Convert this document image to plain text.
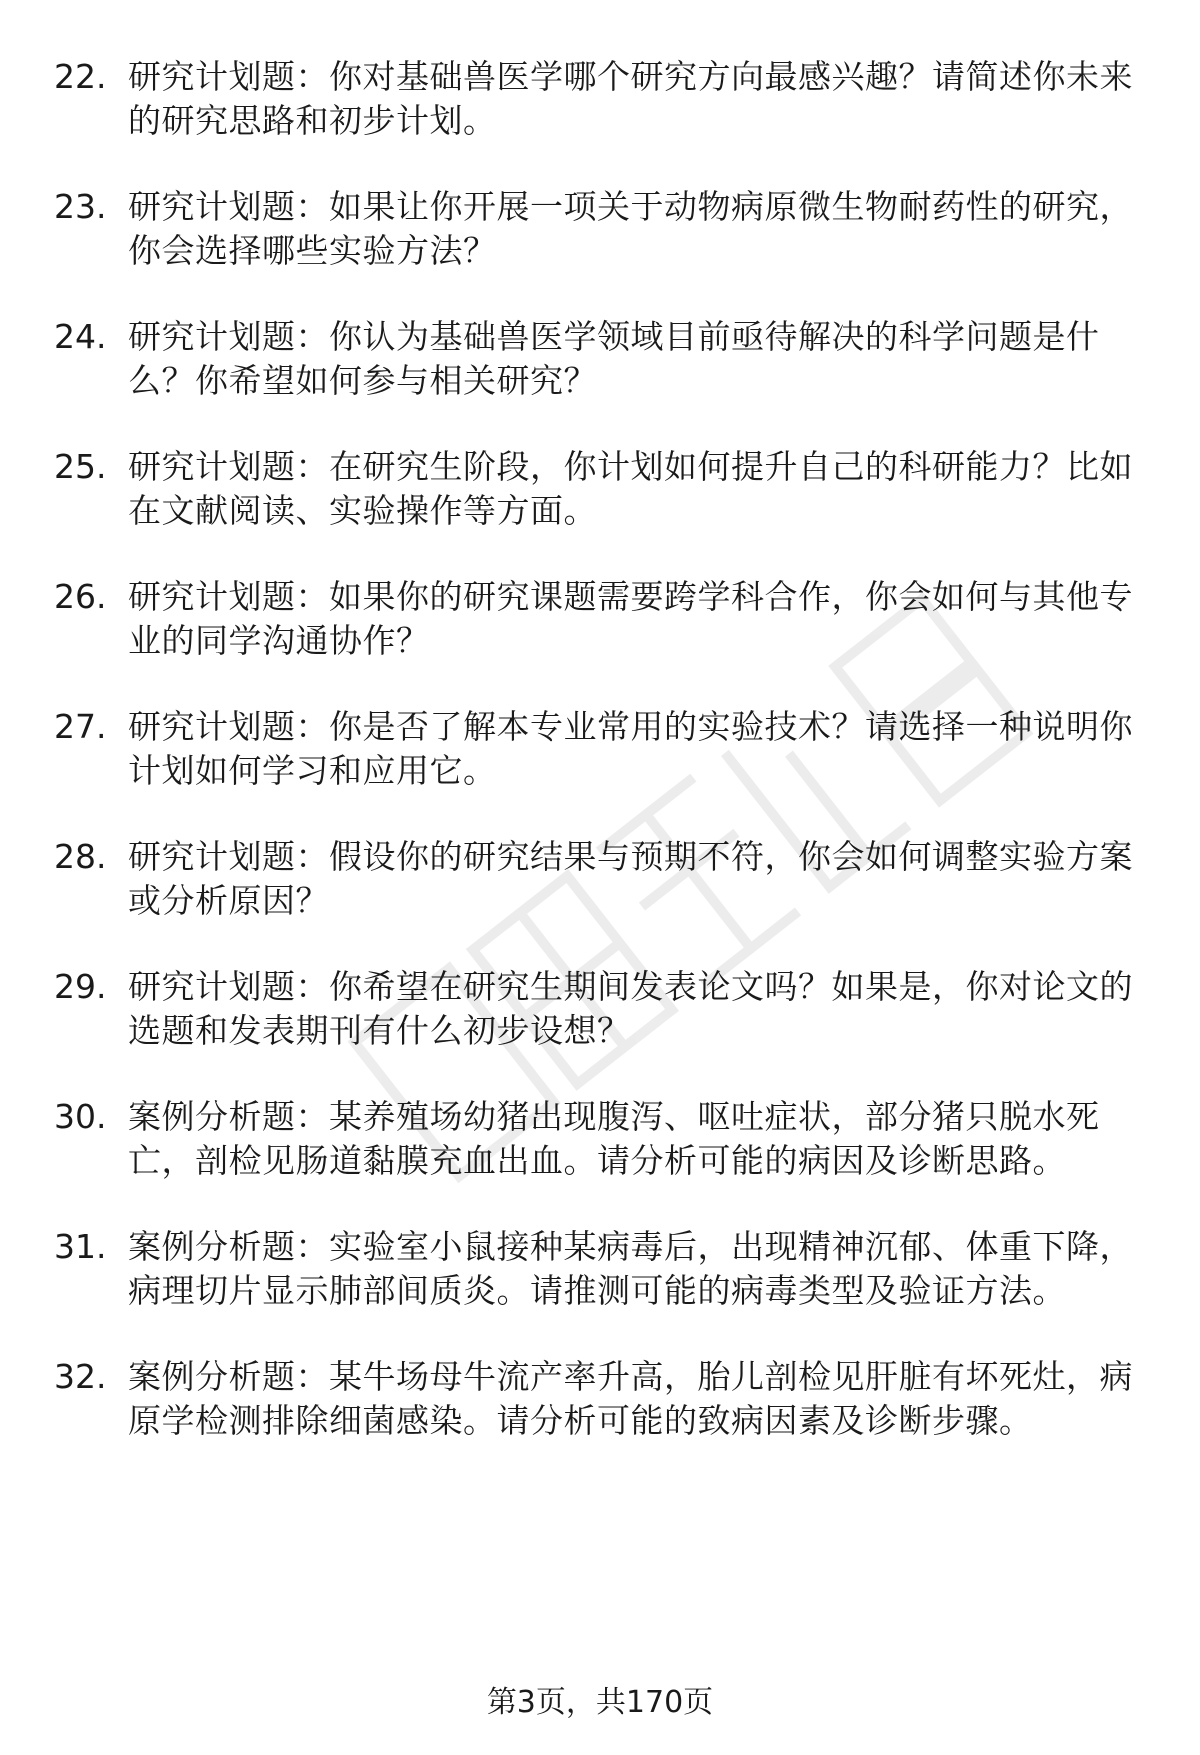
22. 研究计划题：你对基础兽医学哪个研究方向最感兴趣？请简述你未来的研究思路和初步计划。
23. 研究计划题：如果让你开展一项关于动物病原微生物耐药性的研究，你会选择哪些实验方法？
24. 研究计划题：你认为基础兽医学领域目前亟待解决的科学问题是什么？你希望如何参与相关研究？
25. 研究计划题：在研究生阶段，你计划如何提升自己的科研能力？比如在文献阅读、实验操作等方面。
26. 研究计划题：如果你的研究课题需要跨学科合作，你会如何与其他专业的同学沟通协作？
27. 研究计划题：你是否了解本专业常用的实验技术？请选择一种说明你计划如何学习和应用它。
28. 研究计划题：假设你的研究结果与预期不符，你会如何调整实验方案或分析原因？
29. 研究计划题：你希望在研究生期间发表论文吗？如果是，你对论文的选题和发表期刊有什么初步设想？
30. 案例分析题：某养殖场幼猪出现腹泻、呕吐症状，部分猪只脱水死亡，剖检见肠道黏膜充血出血。请分析可能的病因及诊断思路。
31. 案例分析题：实验室小鼠接种某病毒后，出现精神沉郁、体重下降，病理切片显示肺部间质炎。请推测可能的病毒类型及验证方法。
32. 案例分析题：某牛场母牛流产率升高，胎儿剖检见肝脏有坏死灶，病原学检测排除细菌感染。请分析可能的致病因素及诊断步骤。
第3页，共170页
